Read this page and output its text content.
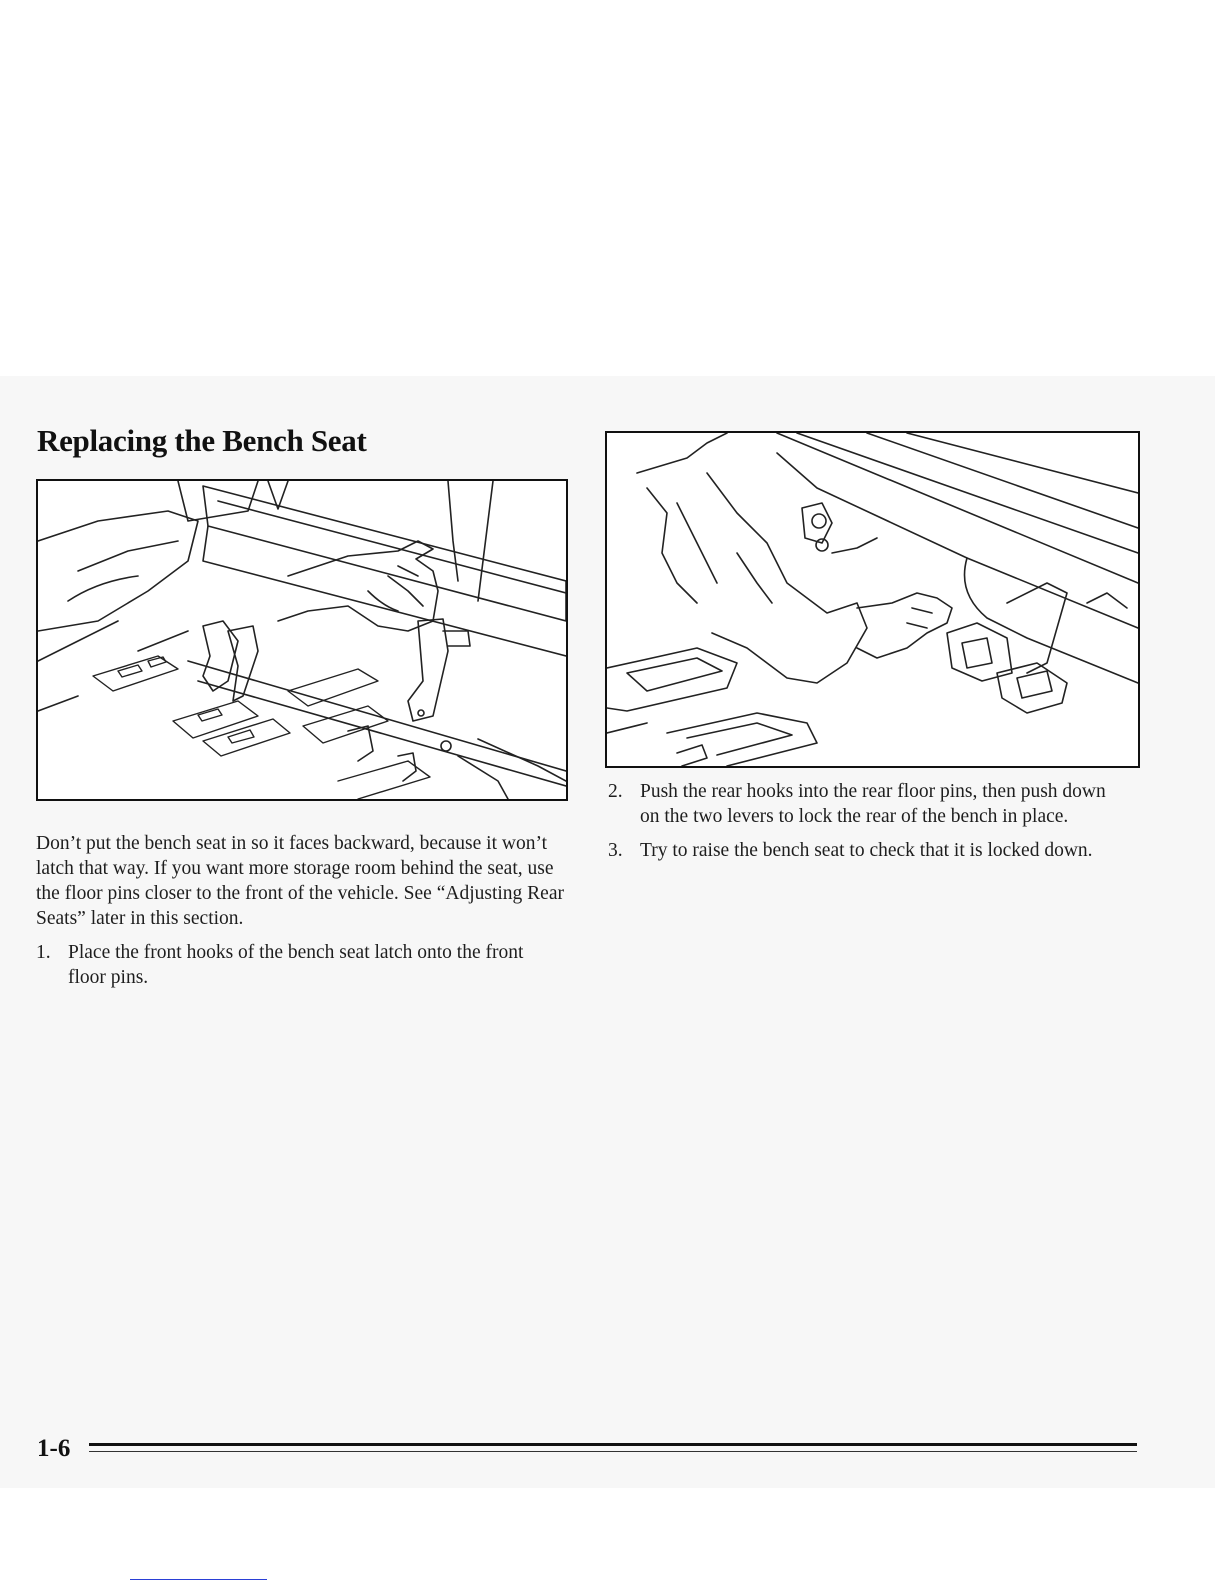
Replacing the Bench Seat

Don’t put the bench seat in so it faces backward, because it won’t latch that way. If you want more storage room behind the seat, use the floor pins closer to the front of the vehicle. See “Adjusting Rear Seats” later in this section.

1. Place the front hooks of the bench seat latch onto the front floor pins.
2. Push the rear hooks into the rear floor pins, then push down on the two levers to lock the rear of the bench in place.
3. Try to raise the bench seat to check that it is locked down.
1-6
